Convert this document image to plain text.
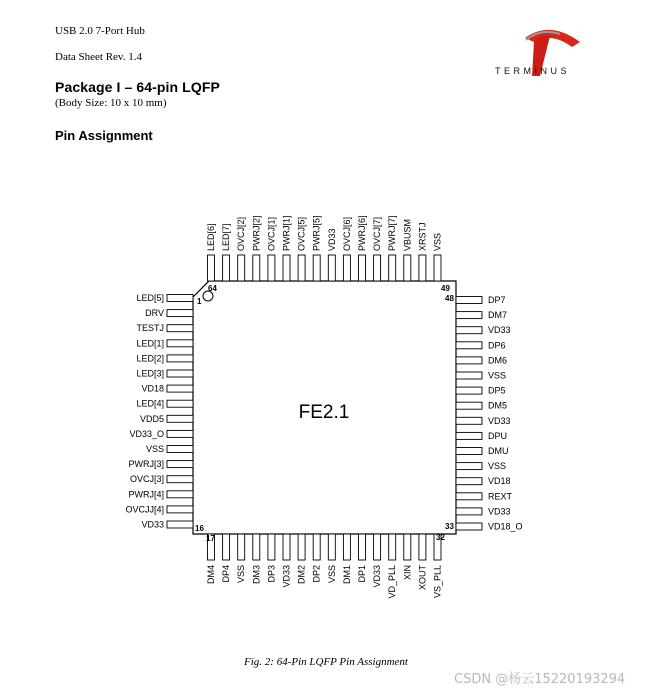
USB 2.0 7-Port Hub
Data Sheet Rev. 1.4
TERMINUS
Package I – 64-pin LQFP
(Body Size: 10 x 10 mm)
Pin Assignment
FE2.1
LED[5]
DRV
TESTJ
LED[1]
LED[2]
LED[3]
VD18
LED[4]
VDD5
VD33_O
VSS
PWRJ[3]
OVCJ[3]
PWRJ[4]
OVCJJ[4]
VD33
DP7
DM7
VD33
DP6
DM6
VSS
DP5
DM5
VD33
DPU
DMU
VSS
VD18
REXT
VD33
VD18_O
DM4 DP4 VSS DM3 DP3 VD33 DM2 DP2 VSS DM1 DP1 VD33 VD_PLL XIN XOUT VS_PLL
LED[6] LED[7] OVCJ[2] PWRJ[2] OVCJ[1] PWRJ[1] OVCJ[5] PWRJ[5] VD33 OVCJ[6] PWRJ[6] OVCJ[7] PWRJ[7] VBUSM XRSTJ VSS
1
64
16
17	32
33
48
49
Fig. 2: 64-Pin LQFP Pin Assignment
CSDN @杨云15220193294
